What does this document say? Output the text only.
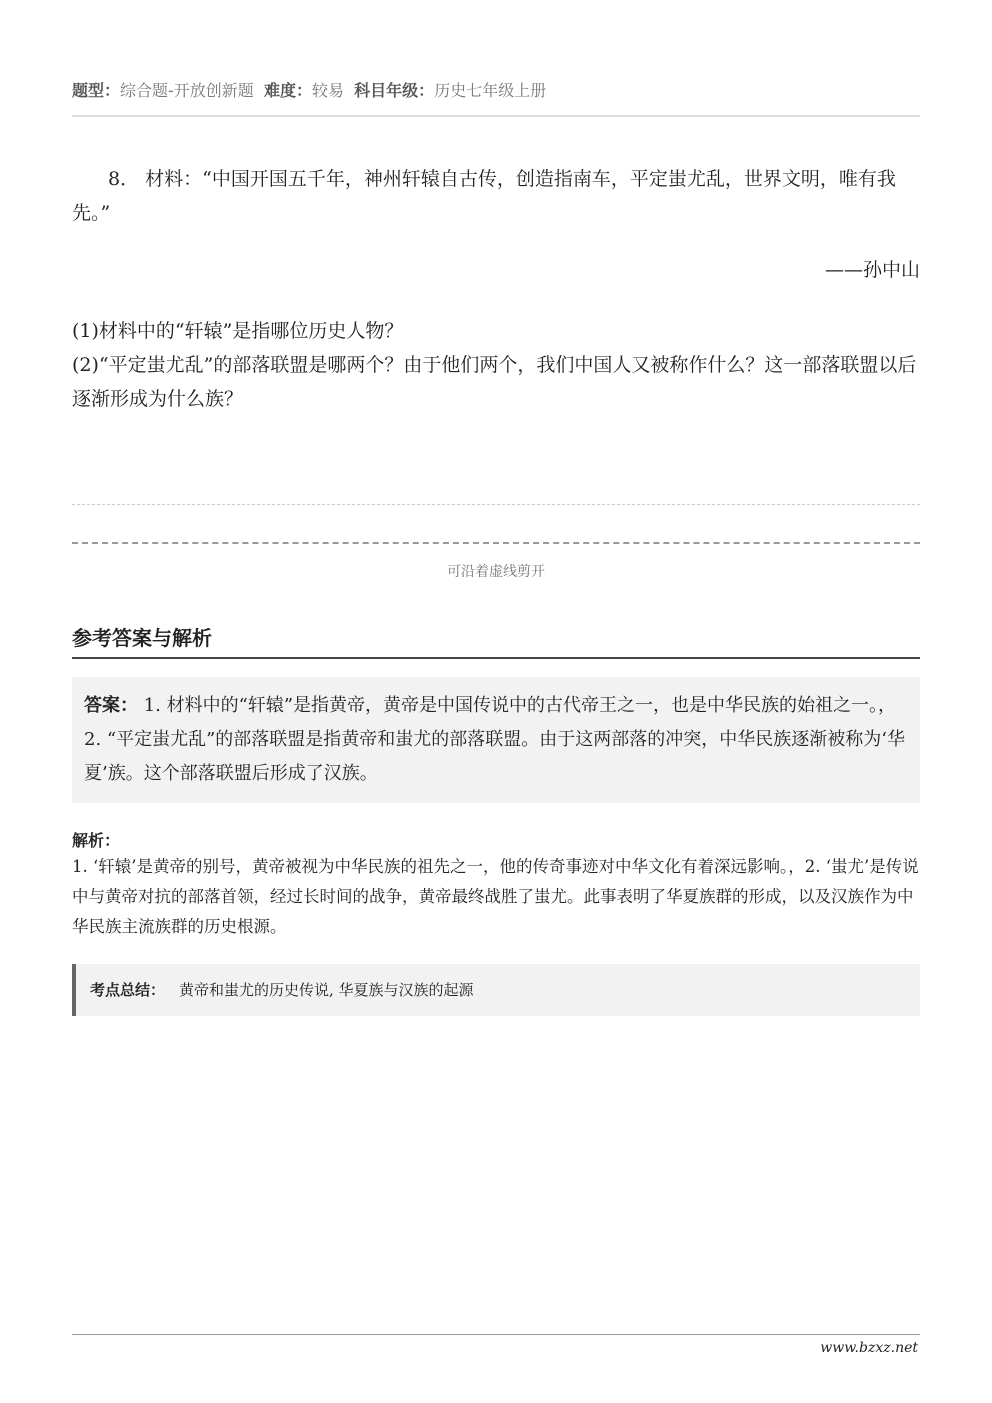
题型：综合题-开放创新题 难度：较易 科目年级：历史七年级上册
8． 材料：“中国开国五千年，神州轩辕自古传，创造指南车，平定蚩尤乱，世界文明，唯有我先。”
——孙中山
(1)材料中的“轩辕”是指哪位历史人物？
(2)“平定蚩尤乱”的部落联盟是哪两个？由于他们两个，我们中国人又被称作什么？这一部落联盟以后逐渐形成为什么族？
可沿着虚线剪开
参考答案与解析
答案： 1. 材料中的“轩辕”是指黄帝，黄帝是中国传说中的古代帝王之一，也是中华民族的始祖之一。，2. “平定蚩尤乱”的部落联盟是指黄帝和蚩尤的部落联盟。由于这两部落的冲突，中华民族逐渐被称为‘华夏’族。这个部落联盟后形成了汉族。
解析：
1. ‘轩辕’是黄帝的别号，黄帝被视为中华民族的祖先之一，他的传奇事迹对中华文化有着深远影响。，2. ‘蚩尤’是传说中与黄帝对抗的部落首领，经过长时间的战争，黄帝最终战胜了蚩尤。此事表明了华夏族群的形成，以及汉族作为中华民族主流族群的历史根源。
考点总结： 黄帝和蚩尤的历史传说, 华夏族与汉族的起源
www.bzxz.net
